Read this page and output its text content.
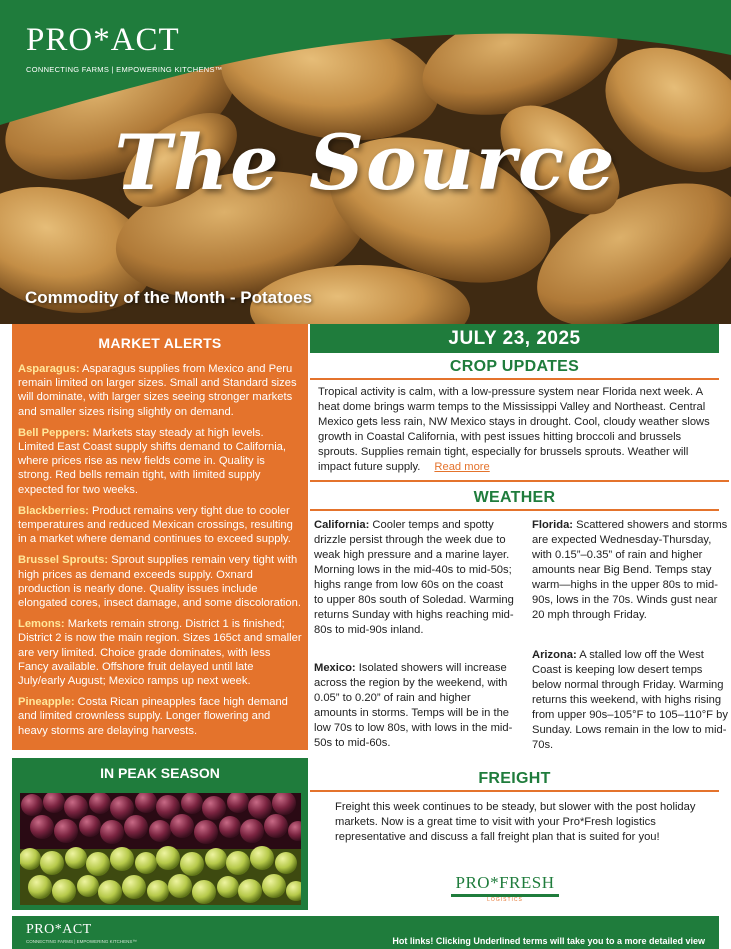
PRO*ACT
CONNECTING FARMS | EMPOWERING KITCHENS™
The Source
Commodity of the Month - Potatoes
MARKET ALERTS

Asparagus: Asparagus supplies from Mexico and Peru remain limited on larger sizes. Small and Standard sizes will dominate, with larger sizes seeing stronger markets and smaller sizes rising slightly on demand.

Bell Peppers: Markets stay steady at high levels. Limited East Coast supply shifts demand to California, where prices rise as new fields come in. Quality is strong. Red bells remain tight, with limited supply expected for two weeks.

Blackberries: Product remains very tight due to cooler temperatures and reduced Mexican crossings, resulting in a market where demand continues to exceed supply.

Brussel Sprouts: Sprout supplies remain very tight with high prices as demand exceeds supply. Oxnard production is nearly done. Quality issues include elongated cores, insect damage, and some discoloration.

Lemons: Markets remain strong. District 1 is finished; District 2 is now the main region. Sizes 165ct and smaller are very limited. Choice grade dominates, with less Fancy available. Offshore fruit delayed until late July/early August; Mexico ramps up next week.

Pineapple: Costa Rican pineapples face high demand and limited crownless supply. Longer flowering and heavy storms are delaying harvests.

IN PEAK SEASON
JULY 23, 2025
CROP UPDATES
Tropical activity is calm, with a low-pressure system near Florida next week. A heat dome brings warm temps to the Mississippi Valley and Northeast. Central Mexico gets less rain, NW Mexico stays in drought. Cool, cloudy weather slows growth in Coastal California, with pest issues hitting broccoli and brussels sprouts. Supplies remain tight, especially for brussels sprouts. Weather will impact future supply. Read more
WEATHER
California: Cooler temps and spotty drizzle persist through the week due to weak high pressure and a marine layer. Morning lows in the mid-40s to mid-50s; highs range from low 60s on the coast to upper 80s south of Soledad. Warming returns Sunday with highs reaching mid-80s to mid-90s inland.
Mexico: Isolated showers will increase across the region by the weekend, with 0.05” to 0.20” of rain and higher amounts in storms. Temps will be in the low 70s to low 80s, with lows in the mid-50s to mid-60s.
Florida: Scattered showers and storms are expected Wednesday-Thursday, with 0.15”–0.35” of rain and higher amounts near Big Bend. Temps stay warm—highs in the upper 80s to mid-90s, lows in the 70s. Winds gust near 20 mph through Friday.
Arizona: A stalled low off the West Coast is keeping low desert temps below normal through Friday. Warming returns this weekend, with highs rising from upper 90s–105°F to 105–110°F by Sunday. Lows remain in the low to mid-70s.
FREIGHT
Freight this week continues to be steady, but slower with the post holiday markets. Now is a great time to visit with your Pro*Fresh logistics representative and discuss a fall freight plan that is suited for you!
PRO*FRESH
LOGISTICS
PRO*ACT
CONNECTING FARMS | EMPOWERING KITCHENS™	Hot links! Clicking Underlined terms will take you to a more detailed view
